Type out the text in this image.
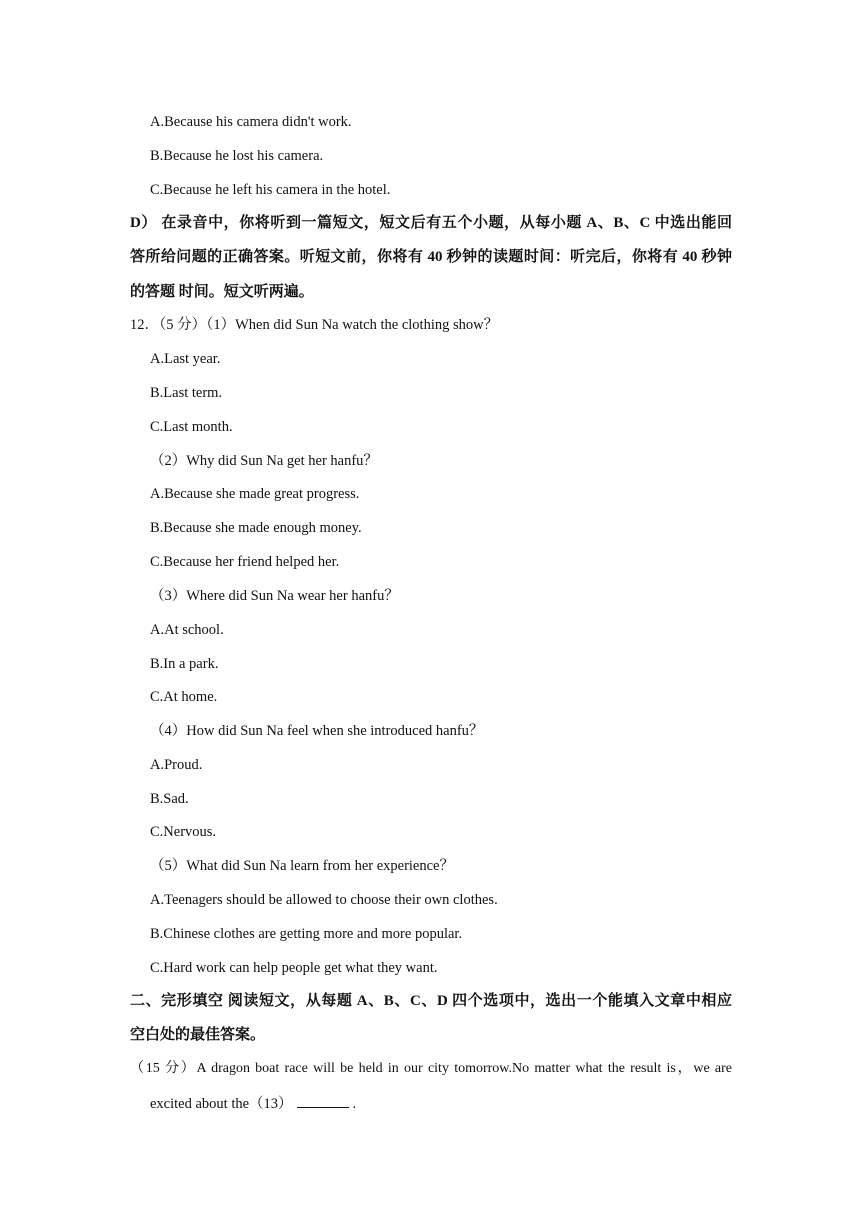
A.Because his camera didn't work.
B.Because he lost his camera.
C.Because he left his camera in the hotel.
D） 在录音中，你将听到一篇短文，短文后有五个小题，从每小题 A、B、C 中选出能回
答所给问题的正确答案。听短文前，你将有 40 秒钟的读题时间：听完后，你将有 40 秒钟
的答题 时间。短文听两遍。
12．（5 分）（1）When did Sun Na watch the clothing show？
A.Last year.
B.Last term.
C.Last month.
（2）Why did Sun Na get her hanfu？
A.Because she made great progress.
B.Because she made enough money.
C.Because her friend helped her.
（3）Where did Sun Na wear her hanfu？
A.At school.
B.In a park.
C.At home.
（4）How did Sun Na feel when she introduced hanfu？
A.Proud.
B.Sad.
C.Nervous.
（5）What did Sun Na learn from her experience？
A.Teenagers should be allowed to choose their own clothes.
B.Chinese clothes are getting more and more popular.
C.Hard work can help people get what they want.
二、完形填空 阅读短文，从每题 A、B、C、D 四个选项中，选出一个能填入文章中相应
空白处的最佳答案。
（15 分）A dragon boat race will be held in our city tomorrow.No matter what the result is，we are
excited about the（13）	.
